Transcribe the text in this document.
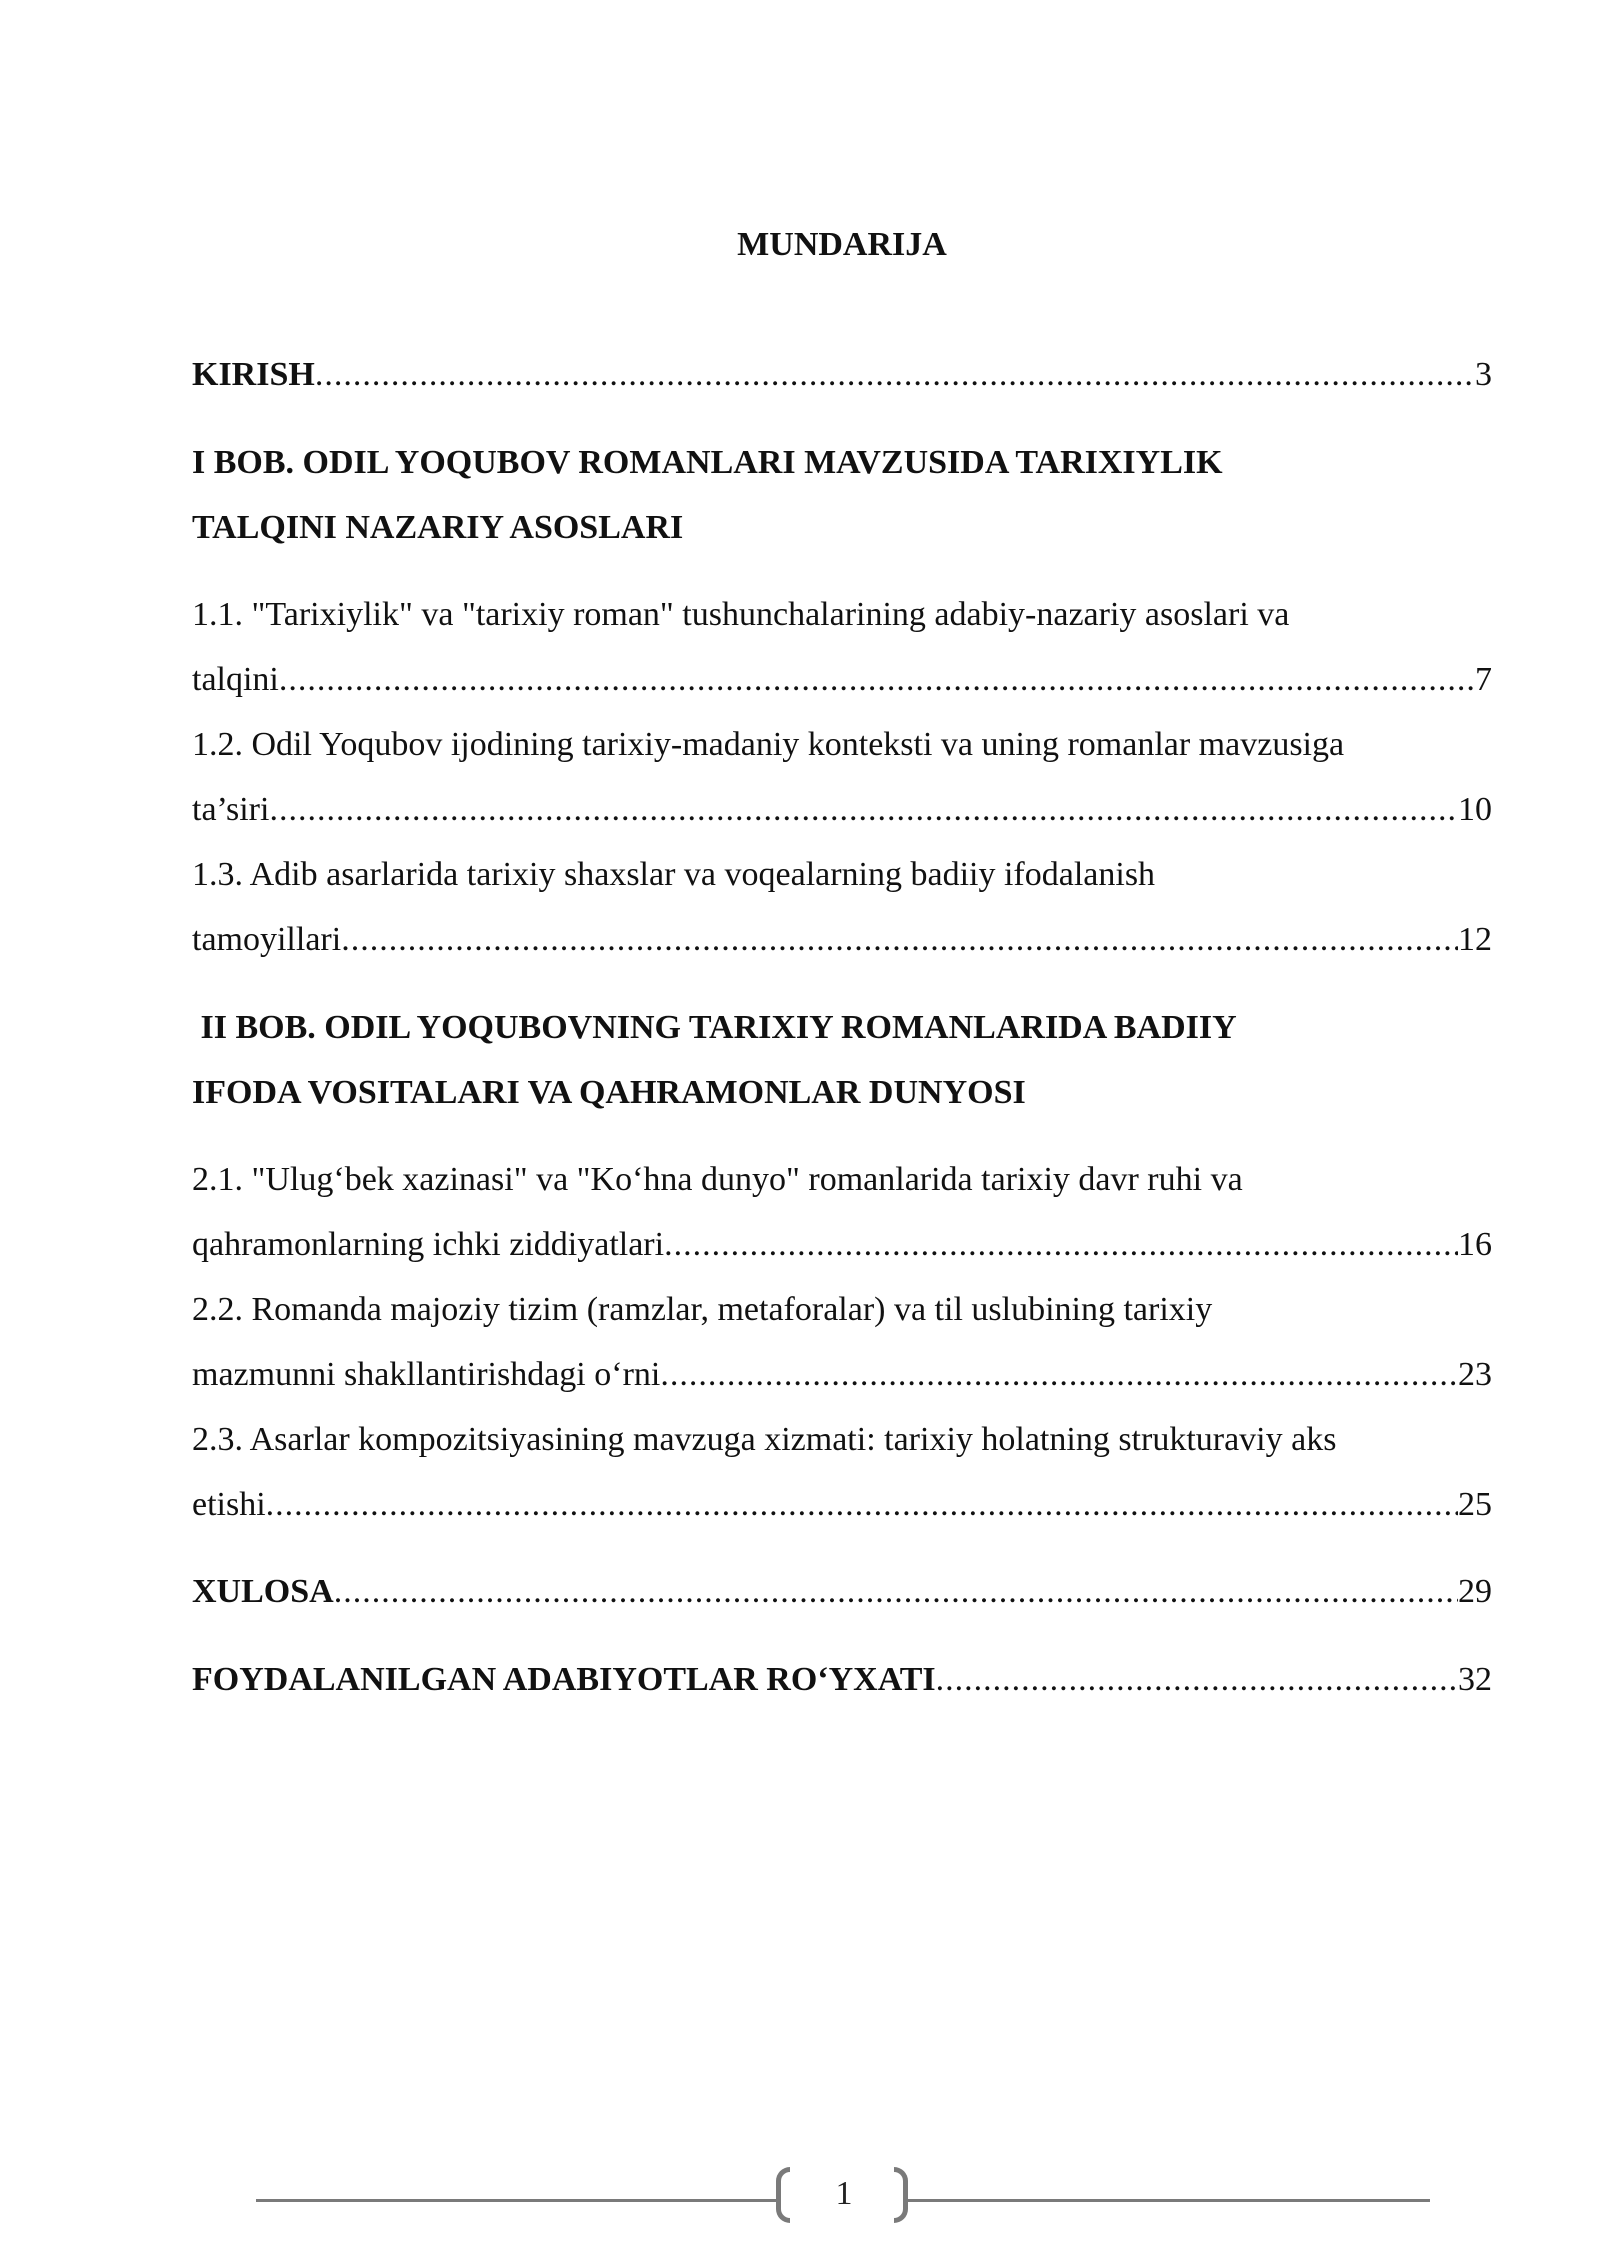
MUNDARIJA
KIRISH .....	3
I BOB. ODIL YOQUBOV ROMANLARI MAVZUSIDA TARIXIYLIK
TALQINI NAZARIY ASOSLARI
1.1. "Tarixiylik" va "tarixiy roman" tushunchalarining adabiy-nazariy asoslari va
talqini .....	7
1.2. Odil Yoqubov ijodining tarixiy-madaniy konteksti va uning romanlar mavzusiga
ta’siri .....	10
1.3. Adib asarlarida tarixiy shaxslar va voqealarning badiiy ifodalanish
tamoyillari .....	12
II BOB. ODIL YOQUBOVNING TARIXIY ROMANLARIDA BADIIY
IFODA VOSITALARI VA QAHRAMONLAR DUNYOSI
2.1. "Ulug‘bek xazinasi" va "Ko‘hna dunyo" romanlarida tarixiy davr ruhi va
qahramonlarning ichki ziddiyatlari .....	16
2.2. Romanda majoziy tizim (ramzlar, metaforalar) va til uslubining tarixiy
mazmunni shakllantirishdagi o‘rni .....	23
2.3. Asarlar kompozitsiyasining mavzuga xizmati: tarixiy holatning strukturaviy aks
etishi .....	25
XULOSA .....	29
FOYDALANILGAN ADABIYOTLAR RO‘YXATI .....	32
1
